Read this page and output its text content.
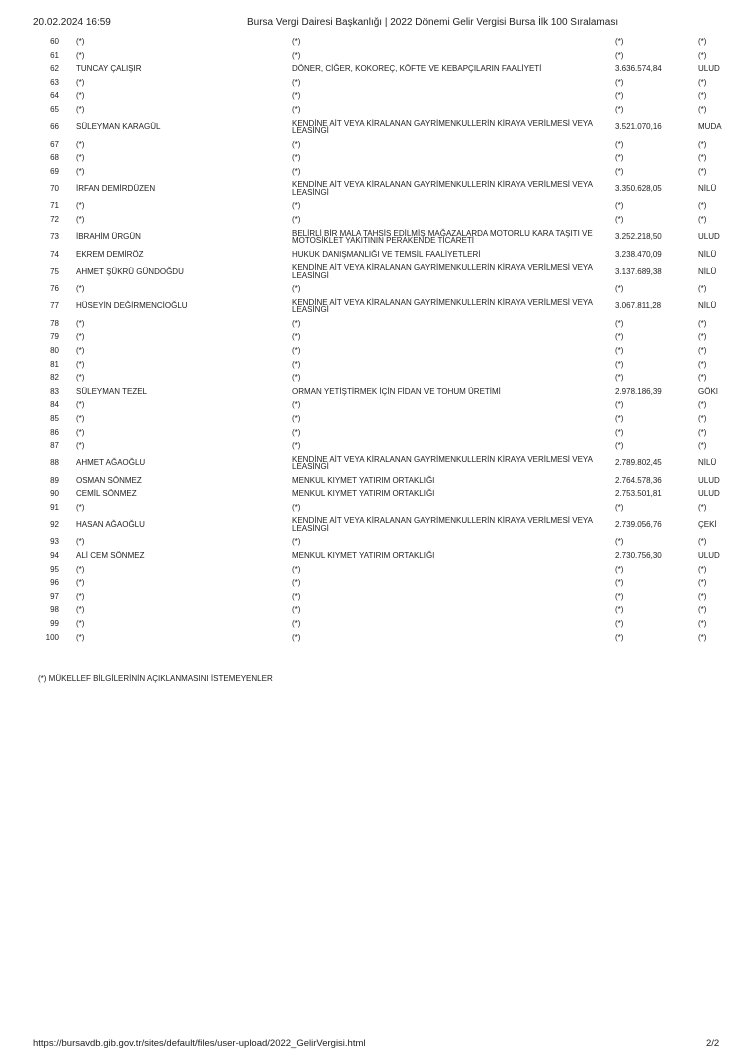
20.02.2024 16:59	Bursa Vergi Dairesi Başkanlığı | 2022 Dönemi Gelir Vergisi Bursa İlk 100 Sıralaması
60	(*)	(*)	(*)	(*)
61	(*)	(*)	(*)	(*)
62	TUNCAY ÇALIŞIR	DÖNER, CİĞER, KOKOREÇ, KÖFTE VE KEBAPÇILARIN FAALİYETİ	3.636.574,84	ULUD
63	(*)	(*)	(*)	(*)
64	(*)	(*)	(*)	(*)
65	(*)	(*)	(*)	(*)
66	SÜLEYMAN KARAGÜL	KENDİNE AİT VEYA KİRALANAN GAYRİMENKULLERİN KİRAYA VERİLMESİ VEYA LEASİNGİ	3.521.070,16	MUDA
67	(*)	(*)	(*)	(*)
68	(*)	(*)	(*)	(*)
69	(*)	(*)	(*)	(*)
70	İRFAN DEMİRDÜZEN	KENDİNE AİT VEYA KİRALANAN GAYRİMENKULLERİN KİRAYA VERİLMESİ VEYA LEASİNGİ	3.350.628,05	NİLÜ
71	(*)	(*)	(*)	(*)
72	(*)	(*)	(*)	(*)
73	İBRAHİM ÜRGÜN	BELİRLİ BİR MALA TAHSİS EDİLMİŞ MAĞAZALARDA MOTORLU KARA TAŞITI VE MOTOSİKLET YAKITININ PERAKENDE TİCARETİ	3.252.218,50	ULUD
74	EKREM DEMİRÖZ	HUKUK DANIŞMANLIĞI VE TEMSİL FAALİYETLERİ	3.238.470,09	NİLÜ
75	AHMET ŞÜKRÜ GÜNDOĞDU	KENDİNE AİT VEYA KİRALANAN GAYRİMENKULLERİN KİRAYA VERİLMESİ VEYA LEASİNGİ	3.137.689,38	NİLÜ
76	(*)	(*)	(*)	(*)
77	HÜSEYİN DEĞİRMENCİOĞLU	KENDİNE AİT VEYA KİRALANAN GAYRİMENKULLERİN KİRAYA VERİLMESİ VEYA LEASİNGİ	3.067.811,28	NİLÜ
78	(*)	(*)	(*)	(*)
79	(*)	(*)	(*)	(*)
80	(*)	(*)	(*)	(*)
81	(*)	(*)	(*)	(*)
82	(*)	(*)	(*)	(*)
83	SÜLEYMAN TEZEL	ORMAN YETİŞTİRMEK İÇİN FİDAN VE TOHUM ÜRETİMİ	2.978.186,39	GÖKI
84	(*)	(*)	(*)	(*)
85	(*)	(*)	(*)	(*)
86	(*)	(*)	(*)	(*)
87	(*)	(*)	(*)	(*)
88	AHMET AĞAOĞLU	KENDİNE AİT VEYA KİRALANAN GAYRİMENKULLERİN KİRAYA VERİLMESİ VEYA LEASİNGİ	2.789.802,45	NİLÜ
89	OSMAN SÖNMEZ	MENKUL KIYMET YATIRIM ORTAKLIĞI	2.764.578,36	ULUD
90	CEMİL SÖNMEZ	MENKUL KIYMET YATIRIM ORTAKLIĞI	2.753.501,81	ULUD
91	(*)	(*)	(*)	(*)
92	HASAN AĞAOĞLU	KENDİNE AİT VEYA KİRALANAN GAYRİMENKULLERİN KİRAYA VERİLMESİ VEYA LEASİNGİ	2.739.056,76	ÇEKİ
93	(*)	(*)	(*)	(*)
94	ALİ CEM SÖNMEZ	MENKUL KIYMET YATIRIM ORTAKLIĞI	2.730.756,30	ULUD
95	(*)	(*)	(*)	(*)
96	(*)	(*)	(*)	(*)
97	(*)	(*)	(*)	(*)
98	(*)	(*)	(*)	(*)
99	(*)	(*)	(*)	(*)
100	(*)	(*)	(*)	(*)
(*) MÜKELLEF BİLGİLERİNİN AÇIKLANMASINI İSTEMEYENLER
https://bursavdb.gib.gov.tr/sites/default/files/user-upload/2022_GelirVergisi.html	2/2
